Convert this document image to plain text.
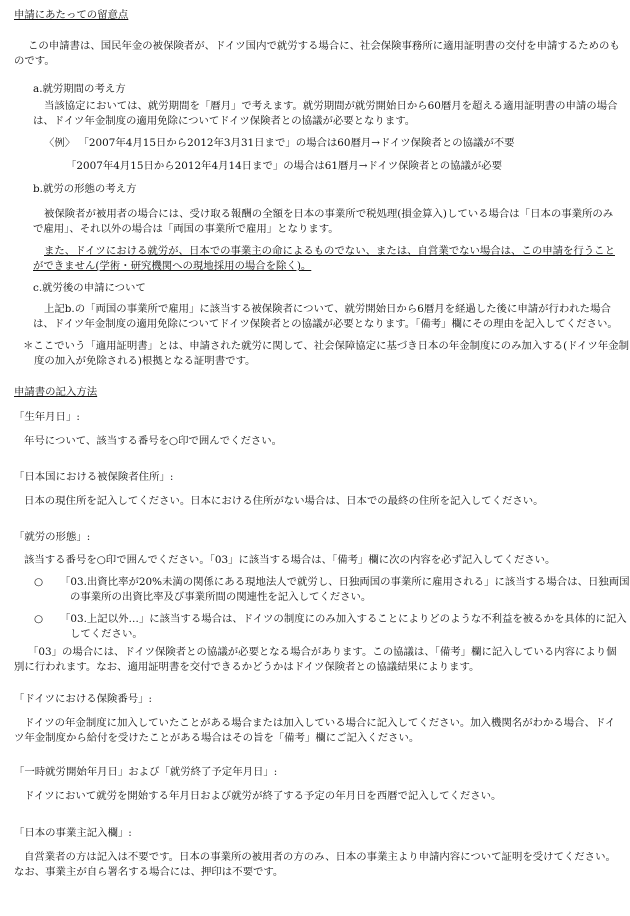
申請にあたっての留意点

この申請書は、国民年金の被保険者が、ドイツ国内で就労する場合に、社会保険事務所に適用証明書の交付を申請するためのものです。

a.就労期間の考え方

当該協定においては、就労期間を「暦月」で考えます。就労期間が就労開始日から60暦月を超える適用証明書の申請の場合は、ドイツ年金制度の適用免除についてドイツ保険者との協議が必要となります。

〈例〉 「2007年4月15日から2012年3月31日まで」の場合は60暦月→ドイツ保険者との協議が不要

「2007年4月15日から2012年4月14日まで」の場合は61暦月→ドイツ保険者との協議が必要

b.就労の形態の考え方

被保険者が被用者の場合には、受け取る報酬の全額を日本の事業所で税処理(損金算入)している場合は「日本の事業所のみで雇用」、それ以外の場合は「両国の事業所で雇用」となります。

また、ドイツにおける就労が、日本での事業主の命によるものでない、または、自営業でない場合は、この申請を行うことができません(学術・研究機関への現地採用の場合を除く)。

c.就労後の申請について

上記b.の「両国の事業所で雇用」に該当する被保険者について、就労開始日から6暦月を経過した後に申請が行われた場合は、ドイツ年金制度の適用免除についてドイツ保険者との協議が必要となります。「備考」欄にその理由を記入してください。

＊ここでいう「適用証明書」とは、申請された就労に関して、社会保障協定に基づき日本の年金制度にのみ加入する(ドイツ年金制度の加入が免除される)根拠となる証明書です。

申請書の記入方法

「生年月日」:

年号について、該当する番号を○印で囲んでください。

「日本国における被保険者住所」:

日本の現住所を記入してください。日本における住所がない場合は、日本での最終の住所を記入してください。

「就労の形態」:

該当する番号を○印で囲んでください。「03」に該当する場合は、「備考」欄に次の内容を必ず記入してください。

○ 「03.出資比率が20%未満の関係にある現地法人で就労し、日独両国の事業所に雇用される」に該当する場合は、日独両国の事業所の出資比率及び事業所間の関連性を記入してください。

○ 「03.上記以外…」に該当する場合は、ドイツの制度にのみ加入することによりどのような不利益を被るかを具体的に記入してください。

「03」の場合には、ドイツ保険者との協議が必要となる場合があります。この協議は、「備考」欄に記入している内容により個別に行われます。なお、適用証明書を交付できるかどうかはドイツ保険者との協議結果によります。

「ドイツにおける保険番号」:

ドイツの年金制度に加入していたことがある場合または加入している場合に記入してください。加入機関名がわかる場合、ドイツ年金制度から給付を受けたことがある場合はその旨を「備考」欄にご記入ください。

「一時就労開始年月日」および「就労終了予定年月日」:

ドイツにおいて就労を開始する年月日および就労が終了する予定の年月日を西暦で記入してください。

「日本の事業主記入欄」:

自営業者の方は記入は不要です。日本の事業所の被用者の方のみ、日本の事業主より申請内容について証明を受けてください。なお、事業主が自ら署名する場合には、押印は不要です。
